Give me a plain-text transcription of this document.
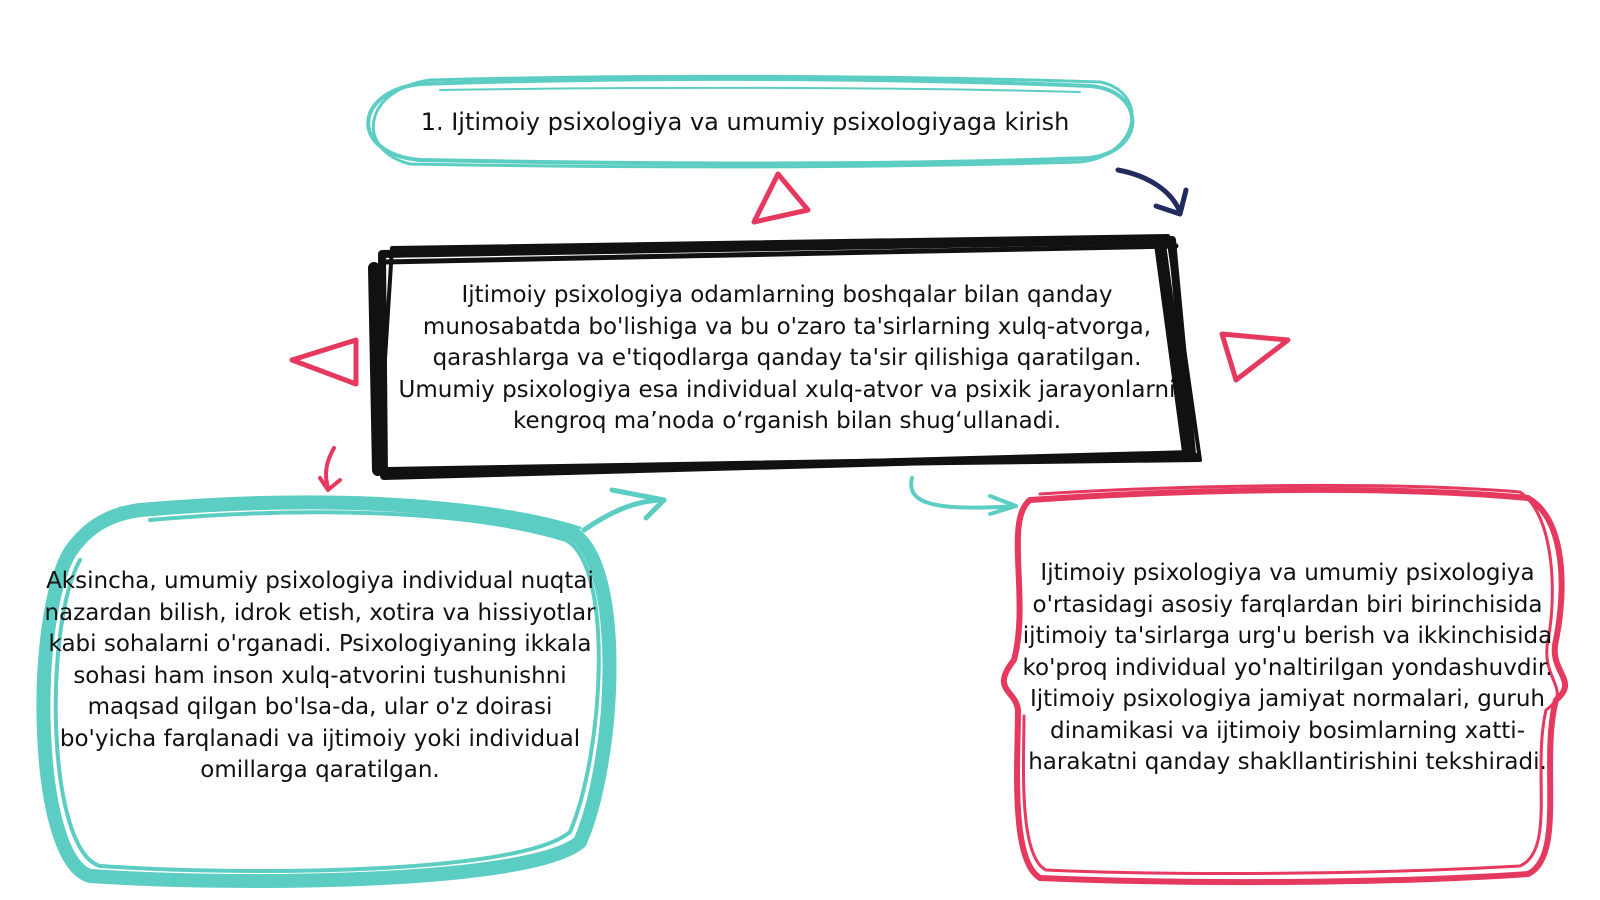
1. Ijtimoiy psixologiya va umumiy psixologiyaga kirish
Ijtimoiy psixologiya odamlarning boshqalar bilan qanday munosabatda bo'lishiga va bu o'zaro ta'sirlarning xulq-atvorga, qarashlarga va e'tiqodlarga qanday ta'sir qilishiga qaratilgan. Umumiy psixologiya esa individual xulq-atvor va psixik jarayonlarni kengroq ma’noda o‘rganish bilan shug‘ullanadi.
Aksincha, umumiy psixologiya individual nuqtai nazardan bilish, idrok etish, xotira va hissiyotlar kabi sohalarni o'rganadi. Psixologiyaning ikkala sohasi ham inson xulq-atvorini tushunishni maqsad qilgan bo'lsa-da, ular o'z doirasi bo'yicha farqlanadi va ijtimoiy yoki individual omillarga qaratilgan.
Ijtimoiy psixologiya va umumiy psixologiya o'rtasidagi asosiy farqlardan biri birinchisida ijtimoiy ta'sirlarga urg'u berish va ikkinchisida ko'proq individual yo'naltirilgan yondashuvdir. Ijtimoiy psixologiya jamiyat normalari, guruh dinamikasi va ijtimoiy bosimlarning xatti-harakatni qanday shakllantirishini tekshiradi.
